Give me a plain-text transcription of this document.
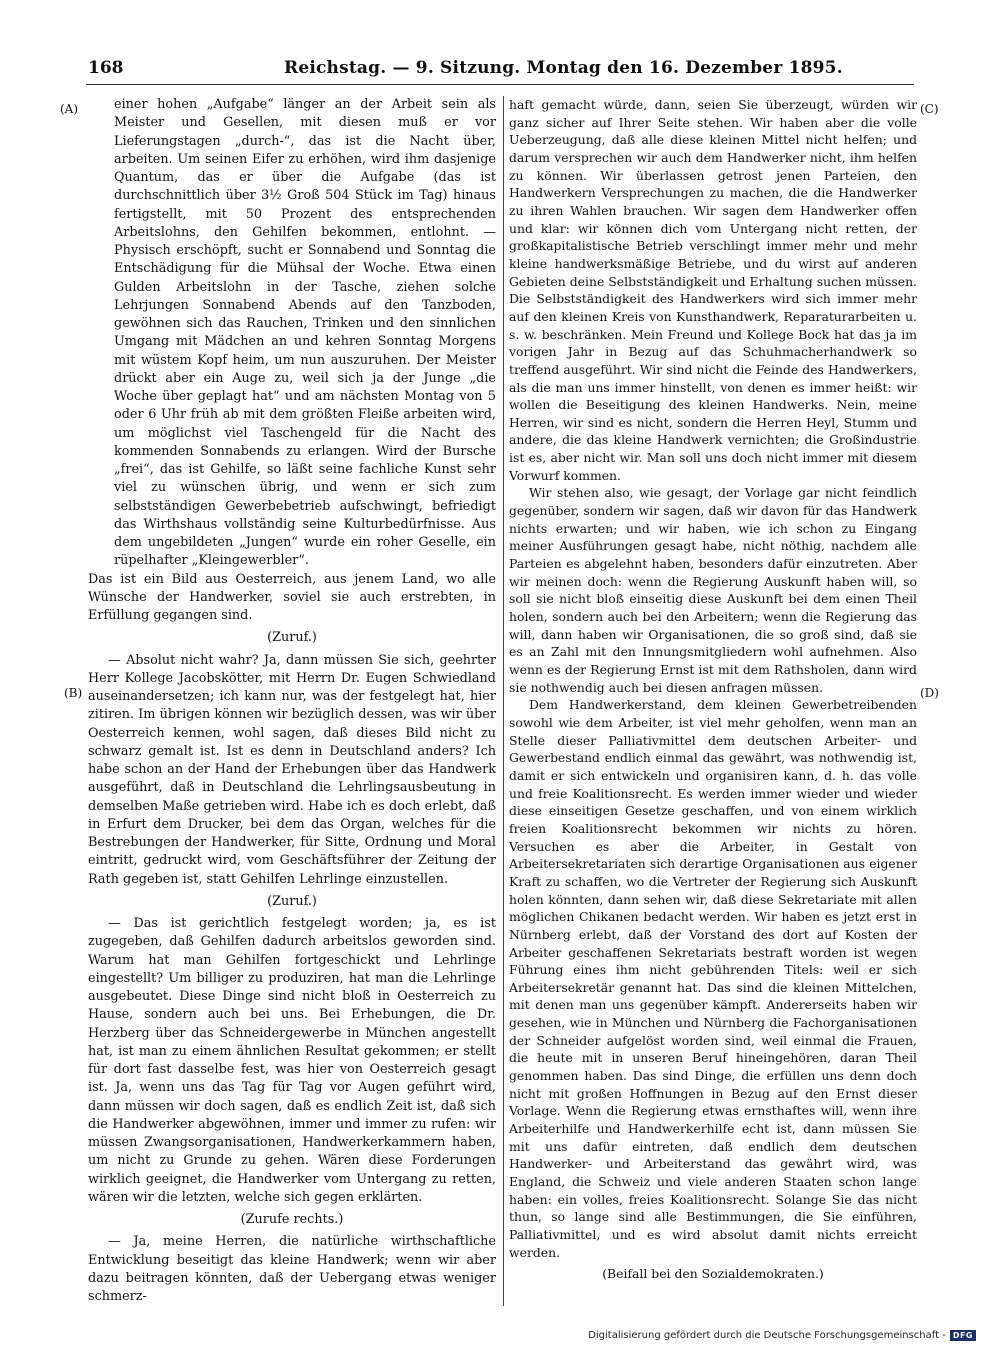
168	Reichstag. — 9. Sitzung. Montag den 16. Dezember 1895.
(A)
(B)
(C)
(D)

einer hohen „Aufgabe“ länger an der Arbeit sein als Meister und Gesellen, mit diesen muß er vor Lieferungstagen „durch-“, das ist die Nacht über, arbeiten. Um seinen Eifer zu erhöhen, wird ihm dasjenige Quantum, das er über die Aufgabe (das ist durchschnittlich über 3½ Groß 504 Stück im Tag) hinaus fertigstellt, mit 50 Prozent des entsprechenden Arbeitslohns, den Gehilfen bekommen, entlohnt. — Physisch erschöpft, sucht er Sonnabend und Sonntag die Entschädigung für die Mühsal der Woche. Etwa einen Gulden Arbeitslohn in der Tasche, ziehen solche Lehrjungen Sonnabend Abends auf den Tanzboden, gewöhnen sich das Rauchen, Trinken und den sinnlichen Umgang mit Mädchen an und kehren Sonntag Morgens mit wüstem Kopf heim, um nun auszuruhen. Der Meister drückt aber ein Auge zu, weil sich ja der Junge „die Woche über geplagt hat“ und am nächsten Montag von 5 oder 6 Uhr früh ab mit dem größten Fleiße arbeiten wird, um möglichst viel Taschengeld für die Nacht des kommenden Sonnabends zu erlangen. Wird der Bursche „frei“, das ist Gehilfe, so läßt seine fachliche Kunst sehr viel zu wünschen übrig, und wenn er sich zum selbstständigen Gewerbebetrieb aufschwingt, befriedigt das Wirthshaus vollständig seine Kulturbedürfnisse. Aus dem ungebildeten „Jungen“ wurde ein roher Geselle, ein rüpelhafter „Kleingewerbler“.

Das ist ein Bild aus Oesterreich, aus jenem Land, wo alle Wünsche der Handwerker, soviel sie auch erstrebten, in Erfüllung gegangen sind.

(Zuruf.)

— Absolut nicht wahr? Ja, dann müssen Sie sich, geehrter Herr Kollege Jacobskötter, mit Herrn Dr. Eugen Schwiedland auseinandersetzen; ich kann nur, was der festgelegt hat, hier zitiren. Im übrigen können wir bezüglich dessen, was wir über Oesterreich kennen, wohl sagen, daß dieses Bild nicht zu schwarz gemalt ist. Ist es denn in Deutschland anders? Ich habe schon an der Hand der Erhebungen über das Handwerk ausgeführt, daß in Deutschland die Lehrlingsausbeutung in demselben Maße getrieben wird. Habe ich es doch erlebt, daß in Erfurt dem Drucker, bei dem das Organ, welches für die Bestrebungen der Handwerker, für Sitte, Ordnung und Moral eintritt, gedruckt wird, vom Geschäftsführer der Zeitung der Rath gegeben ist, statt Gehilfen Lehrlinge einzustellen.

(Zuruf.)

— Das ist gerichtlich festgelegt worden; ja, es ist zugegeben, daß Gehilfen dadurch arbeitslos geworden sind. Warum hat man Gehilfen fortgeschickt und Lehrlinge eingestellt? Um billiger zu produziren, hat man die Lehrlinge ausgebeutet. Diese Dinge sind nicht bloß in Oesterreich zu Hause, sondern auch bei uns. Bei Erhebungen, die Dr. Herzberg über das Schneidergewerbe in München angestellt hat, ist man zu einem ähnlichen Resultat gekommen; er stellt für dort fast dasselbe fest, was hier von Oesterreich gesagt ist. Ja, wenn uns das Tag für Tag vor Augen geführt wird, dann müssen wir doch sagen, daß es endlich Zeit ist, daß sich die Handwerker abgewöhnen, immer und immer zu rufen: wir müssen Zwangsorganisationen, Handwerkerkammern haben, um nicht zu Grunde zu gehen. Wären diese Forderungen wirklich geeignet, die Handwerker vom Untergang zu retten, wären wir die letzten, welche sich gegen erklärten.

(Zurufe rechts.)

— Ja, meine Herren, die natürliche wirthschaftliche Entwicklung beseitigt das kleine Handwerk; wenn wir aber dazu beitragen könnten, daß der Uebergang etwas weniger schmerz-

haft gemacht würde, dann, seien Sie überzeugt, würden wir ganz sicher auf Ihrer Seite stehen. Wir haben aber die volle Ueberzeugung, daß alle diese kleinen Mittel nicht helfen; und darum versprechen wir auch dem Handwerker nicht, ihm helfen zu können. Wir überlassen getrost jenen Parteien, den Handwerkern Versprechungen zu machen, die die Handwerker zu ihren Wahlen brauchen. Wir sagen dem Handwerker offen und klar: wir können dich vom Untergang nicht retten, der großkapitalistische Betrieb verschlingt immer mehr und mehr kleine handwerksmäßige Betriebe, und du wirst auf anderen Gebieten deine Selbstständigkeit und Erhaltung suchen müssen. Die Selbstständigkeit des Handwerkers wird sich immer mehr auf den kleinen Kreis von Kunsthandwerk, Reparaturarbeiten u. s. w. beschränken. Mein Freund und Kollege Bock hat das ja im vorigen Jahr in Bezug auf das Schuhmacherhandwerk so treffend ausgeführt. Wir sind nicht die Feinde des Handwerkers, als die man uns immer hinstellt, von denen es immer heißt: wir wollen die Beseitigung des kleinen Handwerks. Nein, meine Herren, wir sind es nicht, sondern die Herren Heyl, Stumm und andere, die das kleine Handwerk vernichten; die Großindustrie ist es, aber nicht wir. Man soll uns doch nicht immer mit diesem Vorwurf kommen.

Wir stehen also, wie gesagt, der Vorlage gar nicht feindlich gegenüber, sondern wir sagen, daß wir davon für das Handwerk nichts erwarten; und wir haben, wie ich schon zu Eingang meiner Ausführungen gesagt habe, nicht nöthig, nachdem alle Parteien es abgelehnt haben, besonders dafür einzutreten. Aber wir meinen doch: wenn die Regierung Auskunft haben will, so soll sie nicht bloß einseitig diese Auskunft bei dem einen Theil holen, sondern auch bei den Arbeitern; wenn die Regierung das will, dann haben wir Organisationen, die so groß sind, daß sie es an Zahl mit den Innungsmitgliedern wohl aufnehmen. Also wenn es der Regierung Ernst ist mit dem Rathsholen, dann wird sie nothwendig auch bei diesen anfragen müssen.

Dem Handwerkerstand, dem kleinen Gewerbetreibenden sowohl wie dem Arbeiter, ist viel mehr geholfen, wenn man an Stelle dieser Palliativmittel dem deutschen Arbeiter- und Gewerbestand endlich einmal das gewährt, was nothwendig ist, damit er sich entwickeln und organisiren kann, d. h. das volle und freie Koalitionsrecht. Es werden immer wieder und wieder diese einseitigen Gesetze geschaffen, und von einem wirklich freien Koalitionsrecht bekommen wir nichts zu hören. Versuchen es aber die Arbeiter, in Gestalt von Arbeitersekretariaten sich derartige Organisationen aus eigener Kraft zu schaffen, wo die Vertreter der Regierung sich Auskunft holen könnten, dann sehen wir, daß diese Sekretariate mit allen möglichen Chikanen bedacht werden. Wir haben es jetzt erst in Nürnberg erlebt, daß der Vorstand des dort auf Kosten der Arbeiter geschaffenen Sekretariats bestraft worden ist wegen Führung eines ihm nicht gebührenden Titels: weil er sich Arbeitersekretär genannt hat. Das sind die kleinen Mittelchen, mit denen man uns gegenüber kämpft. Andererseits haben wir gesehen, wie in München und Nürnberg die Fachorganisationen der Schneider aufgelöst worden sind, weil einmal die Frauen, die heute mit in unseren Beruf hineingehören, daran Theil genommen haben. Das sind Dinge, die erfüllen uns denn doch nicht mit großen Hoffnungen in Bezug auf den Ernst dieser Vorlage. Wenn die Regierung etwas ernsthaftes will, wenn ihre Arbeiterhilfe und Handwerkerhilfe echt ist, dann müssen Sie mit uns dafür eintreten, daß endlich dem deutschen Handwerker- und Arbeiterstand das gewährt wird, was England, die Schweiz und viele anderen Staaten schon lange haben: ein volles, freies Koalitionsrecht. Solange Sie das nicht thun, so lange sind alle Bestimmungen, die Sie einführen, Palliativmittel, und es wird absolut damit nichts erreicht werden.

(Beifall bei den Sozialdemokraten.)

Digitalisierung gefördert durch die Deutsche Forschungsgemeinschaft - DFG
